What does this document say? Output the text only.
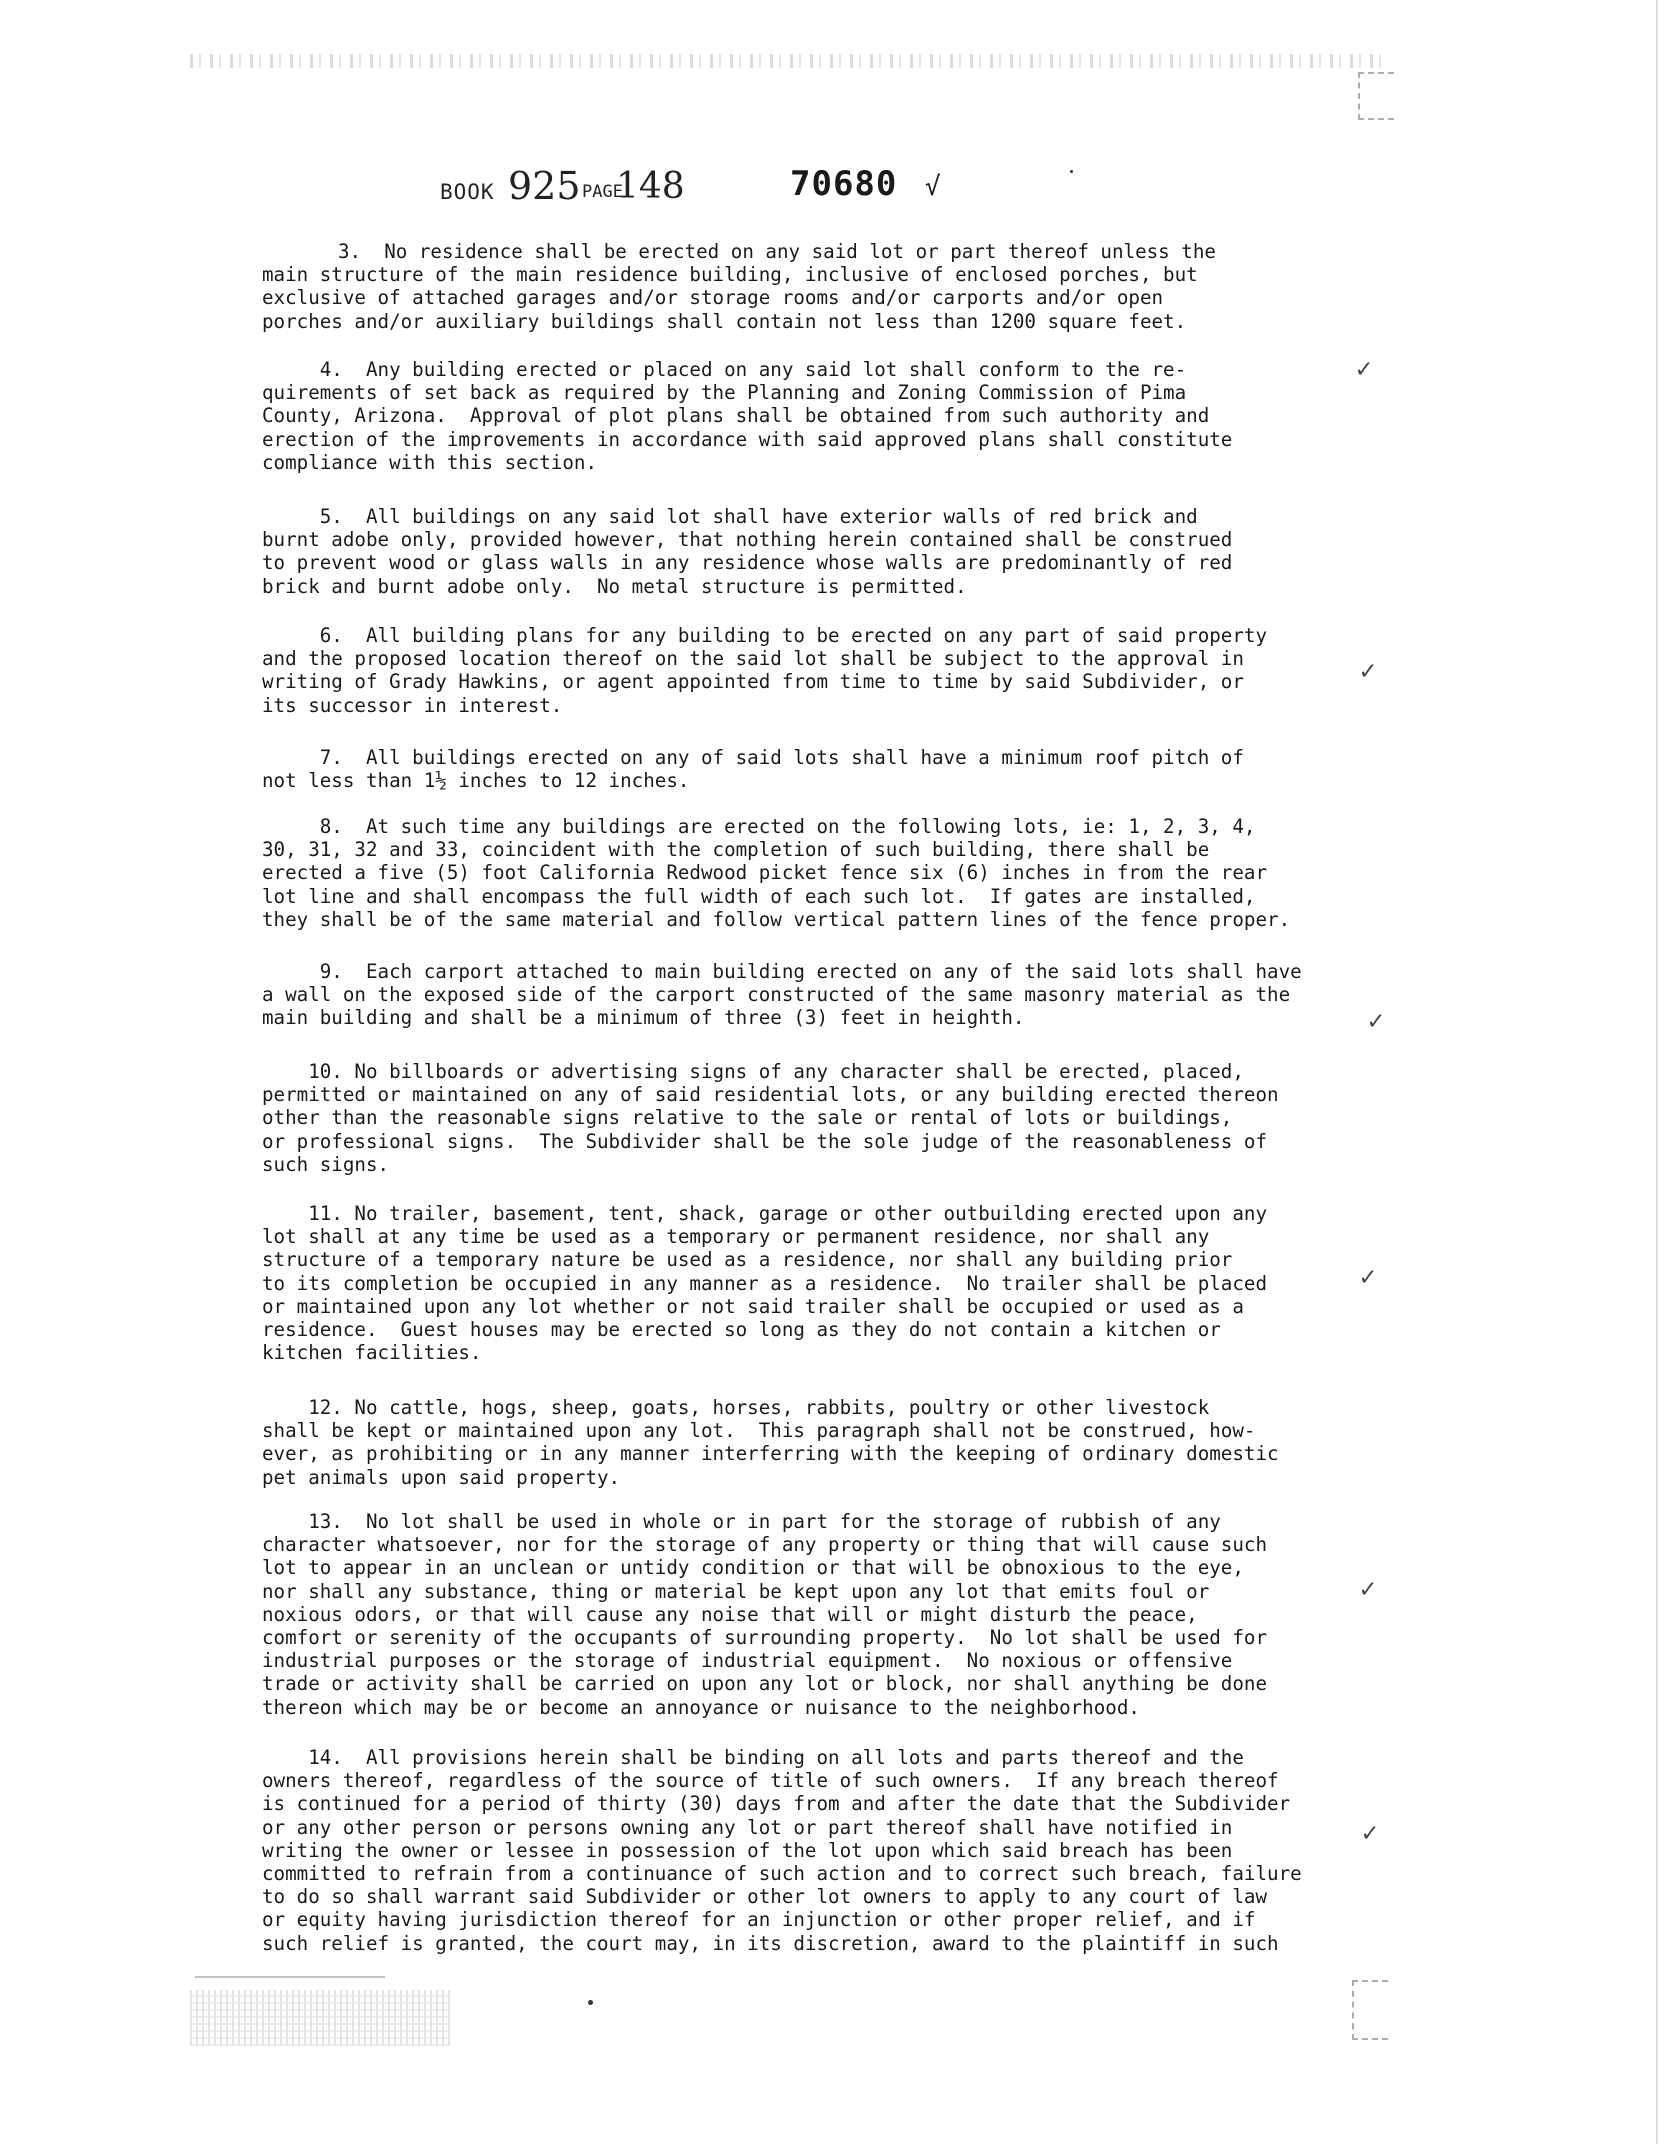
BOOK 925 PAGE
148	70680 √
3.  No residence shall be erected on any said lot or part thereof unless the
main structure of the main residence building, inclusive of enclosed porches, but
exclusive of attached garages and/or storage rooms and/or carports and/or open
porches and/or auxiliary buildings shall contain not less than 1200 square feet.
4.  Any building erected or placed on any said lot shall conform to the re-
quirements of set back as required by the Planning and Zoning Commission of Pima
County, Arizona.  Approval of plot plans shall be obtained from such authority and
erection of the improvements in accordance with said approved plans shall constitute
compliance with this section.
5.  All buildings on any said lot shall have exterior walls of red brick and
burnt adobe only, provided however, that nothing herein contained shall be construed
to prevent wood or glass walls in any residence whose walls are predominantly of red
brick and burnt adobe only.  No metal structure is permitted.
6.  All building plans for any building to be erected on any part of said property
and the proposed location thereof on the said lot shall be subject to the approval in
writing of Grady Hawkins, or agent appointed from time to time by said Subdivider, or
its successor in interest.
7.  All buildings erected on any of said lots shall have a minimum roof pitch of
not less than 1½ inches to 12 inches.
8.  At such time any buildings are erected on the following lots, ie: 1, 2, 3, 4,
30, 31, 32 and 33, coincident with the completion of such building, there shall be
erected a five (5) foot California Redwood picket fence six (6) inches in from the rear
lot line and shall encompass the full width of each such lot.  If gates are installed,
they shall be of the same material and follow vertical pattern lines of the fence proper.
9.  Each carport attached to main building erected on any of the said lots shall have
a wall on the exposed side of the carport constructed of the same masonry material as the
main building and shall be a minimum of three (3) feet in heighth.
10. No billboards or advertising signs of any character shall be erected, placed,
permitted or maintained on any of said residential lots, or any building erected thereon
other than the reasonable signs relative to the sale or rental of lots or buildings,
or professional signs.  The Subdivider shall be the sole judge of the reasonableness of
such signs.
11. No trailer, basement, tent, shack, garage or other outbuilding erected upon any
lot shall at any time be used as a temporary or permanent residence, nor shall any
structure of a temporary nature be used as a residence, nor shall any building prior
to its completion be occupied in any manner as a residence.  No trailer shall be placed
or maintained upon any lot whether or not said trailer shall be occupied or used as a
residence.  Guest houses may be erected so long as they do not contain a kitchen or
kitchen facilities.
12. No cattle, hogs, sheep, goats, horses, rabbits, poultry or other livestock
shall be kept or maintained upon any lot.  This paragraph shall not be construed, how-
ever, as prohibiting or in any manner interferring with the keeping of ordinary domestic
pet animals upon said property.
13.  No lot shall be used in whole or in part for the storage of rubbish of any
character whatsoever, nor for the storage of any property or thing that will cause such
lot to appear in an unclean or untidy condition or that will be obnoxious to the eye,
nor shall any substance, thing or material be kept upon any lot that emits foul or
noxious odors, or that will cause any noise that will or might disturb the peace,
comfort or serenity of the occupants of surrounding property.  No lot shall be used for
industrial purposes or the storage of industrial equipment.  No noxious or offensive
trade or activity shall be carried on upon any lot or block, nor shall anything be done
thereon which may be or become an annoyance or nuisance to the neighborhood.
14.  All provisions herein shall be binding on all lots and parts thereof and the
owners thereof, regardless of the source of title of such owners.  If any breach thereof
is continued for a period of thirty (30) days from and after the date that the Subdivider
or any other person or persons owning any lot or part thereof shall have notified in
writing the owner or lessee in possession of the lot upon which said breach has been
committed to refrain from a continuance of such action and to correct such breach, failure
to do so shall warrant said Subdivider or other lot owners to apply to any court of law
or equity having jurisdiction thereof for an injunction or other proper relief, and if
such relief is granted, the court may, in its discretion, award to the plaintiff in such
✓
✓
✓
✓
✓
✓
